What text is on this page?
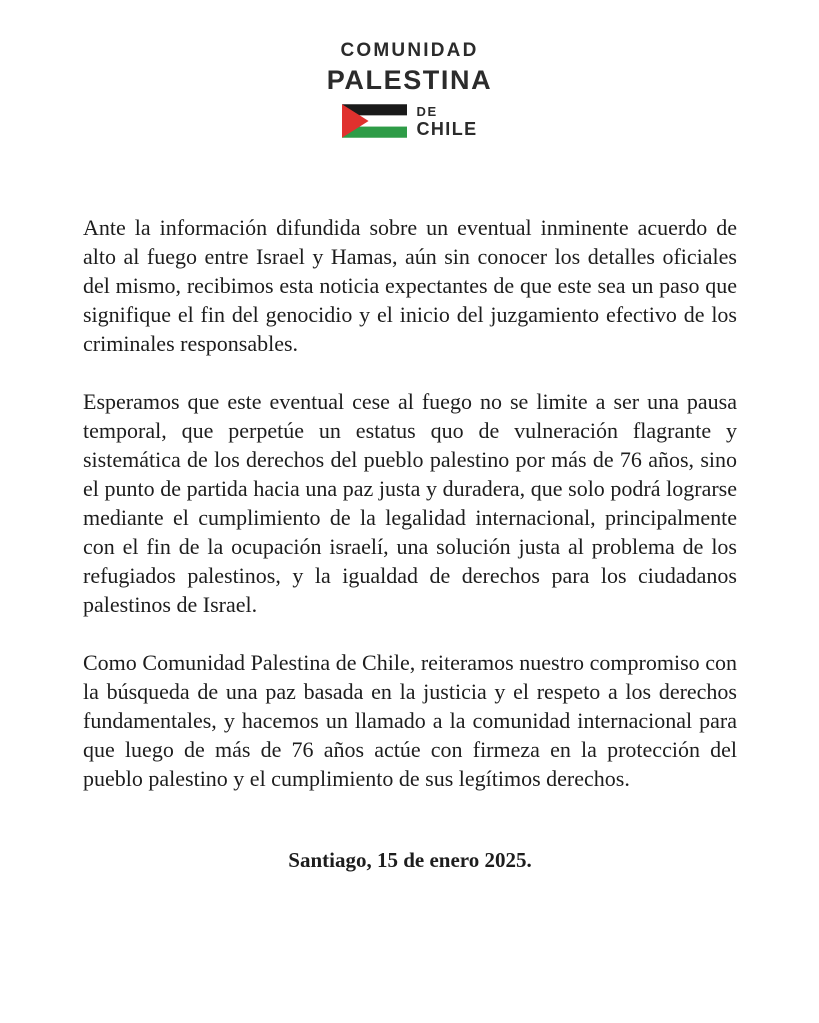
COMUNIDAD
PALESTINA
DE
CHILE

Ante la información difundida sobre un eventual inminente acuerdo de alto al fuego entre Israel y Hamas, aún sin conocer los detalles oficiales del mismo, recibimos esta noticia expectantes de que este sea un paso que signifique el fin del genocidio y el inicio del juzgamiento efectivo de los criminales responsables.

Esperamos que este eventual cese al fuego no se limite a ser una pausa temporal, que perpetúe un estatus quo de vulneración flagrante y sistemática de los derechos del pueblo palestino por más de 76 años, sino el punto de partida hacia una paz justa y duradera, que solo podrá lograrse mediante el cumplimiento de la legalidad internacional, principalmente con el fin de la ocupación israelí, una solución justa al problema de los refugiados palestinos, y la igualdad de derechos para los ciudadanos palestinos de Israel.

Como Comunidad Palestina de Chile, reiteramos nuestro compromiso con la búsqueda de una paz basada en la justicia y el respeto a los derechos fundamentales, y hacemos un llamado a la comunidad internacional para que luego de más de 76 años actúe con firmeza en la protección del pueblo palestino y el cumplimiento de sus legítimos derechos.

Santiago, 15 de enero 2025.
